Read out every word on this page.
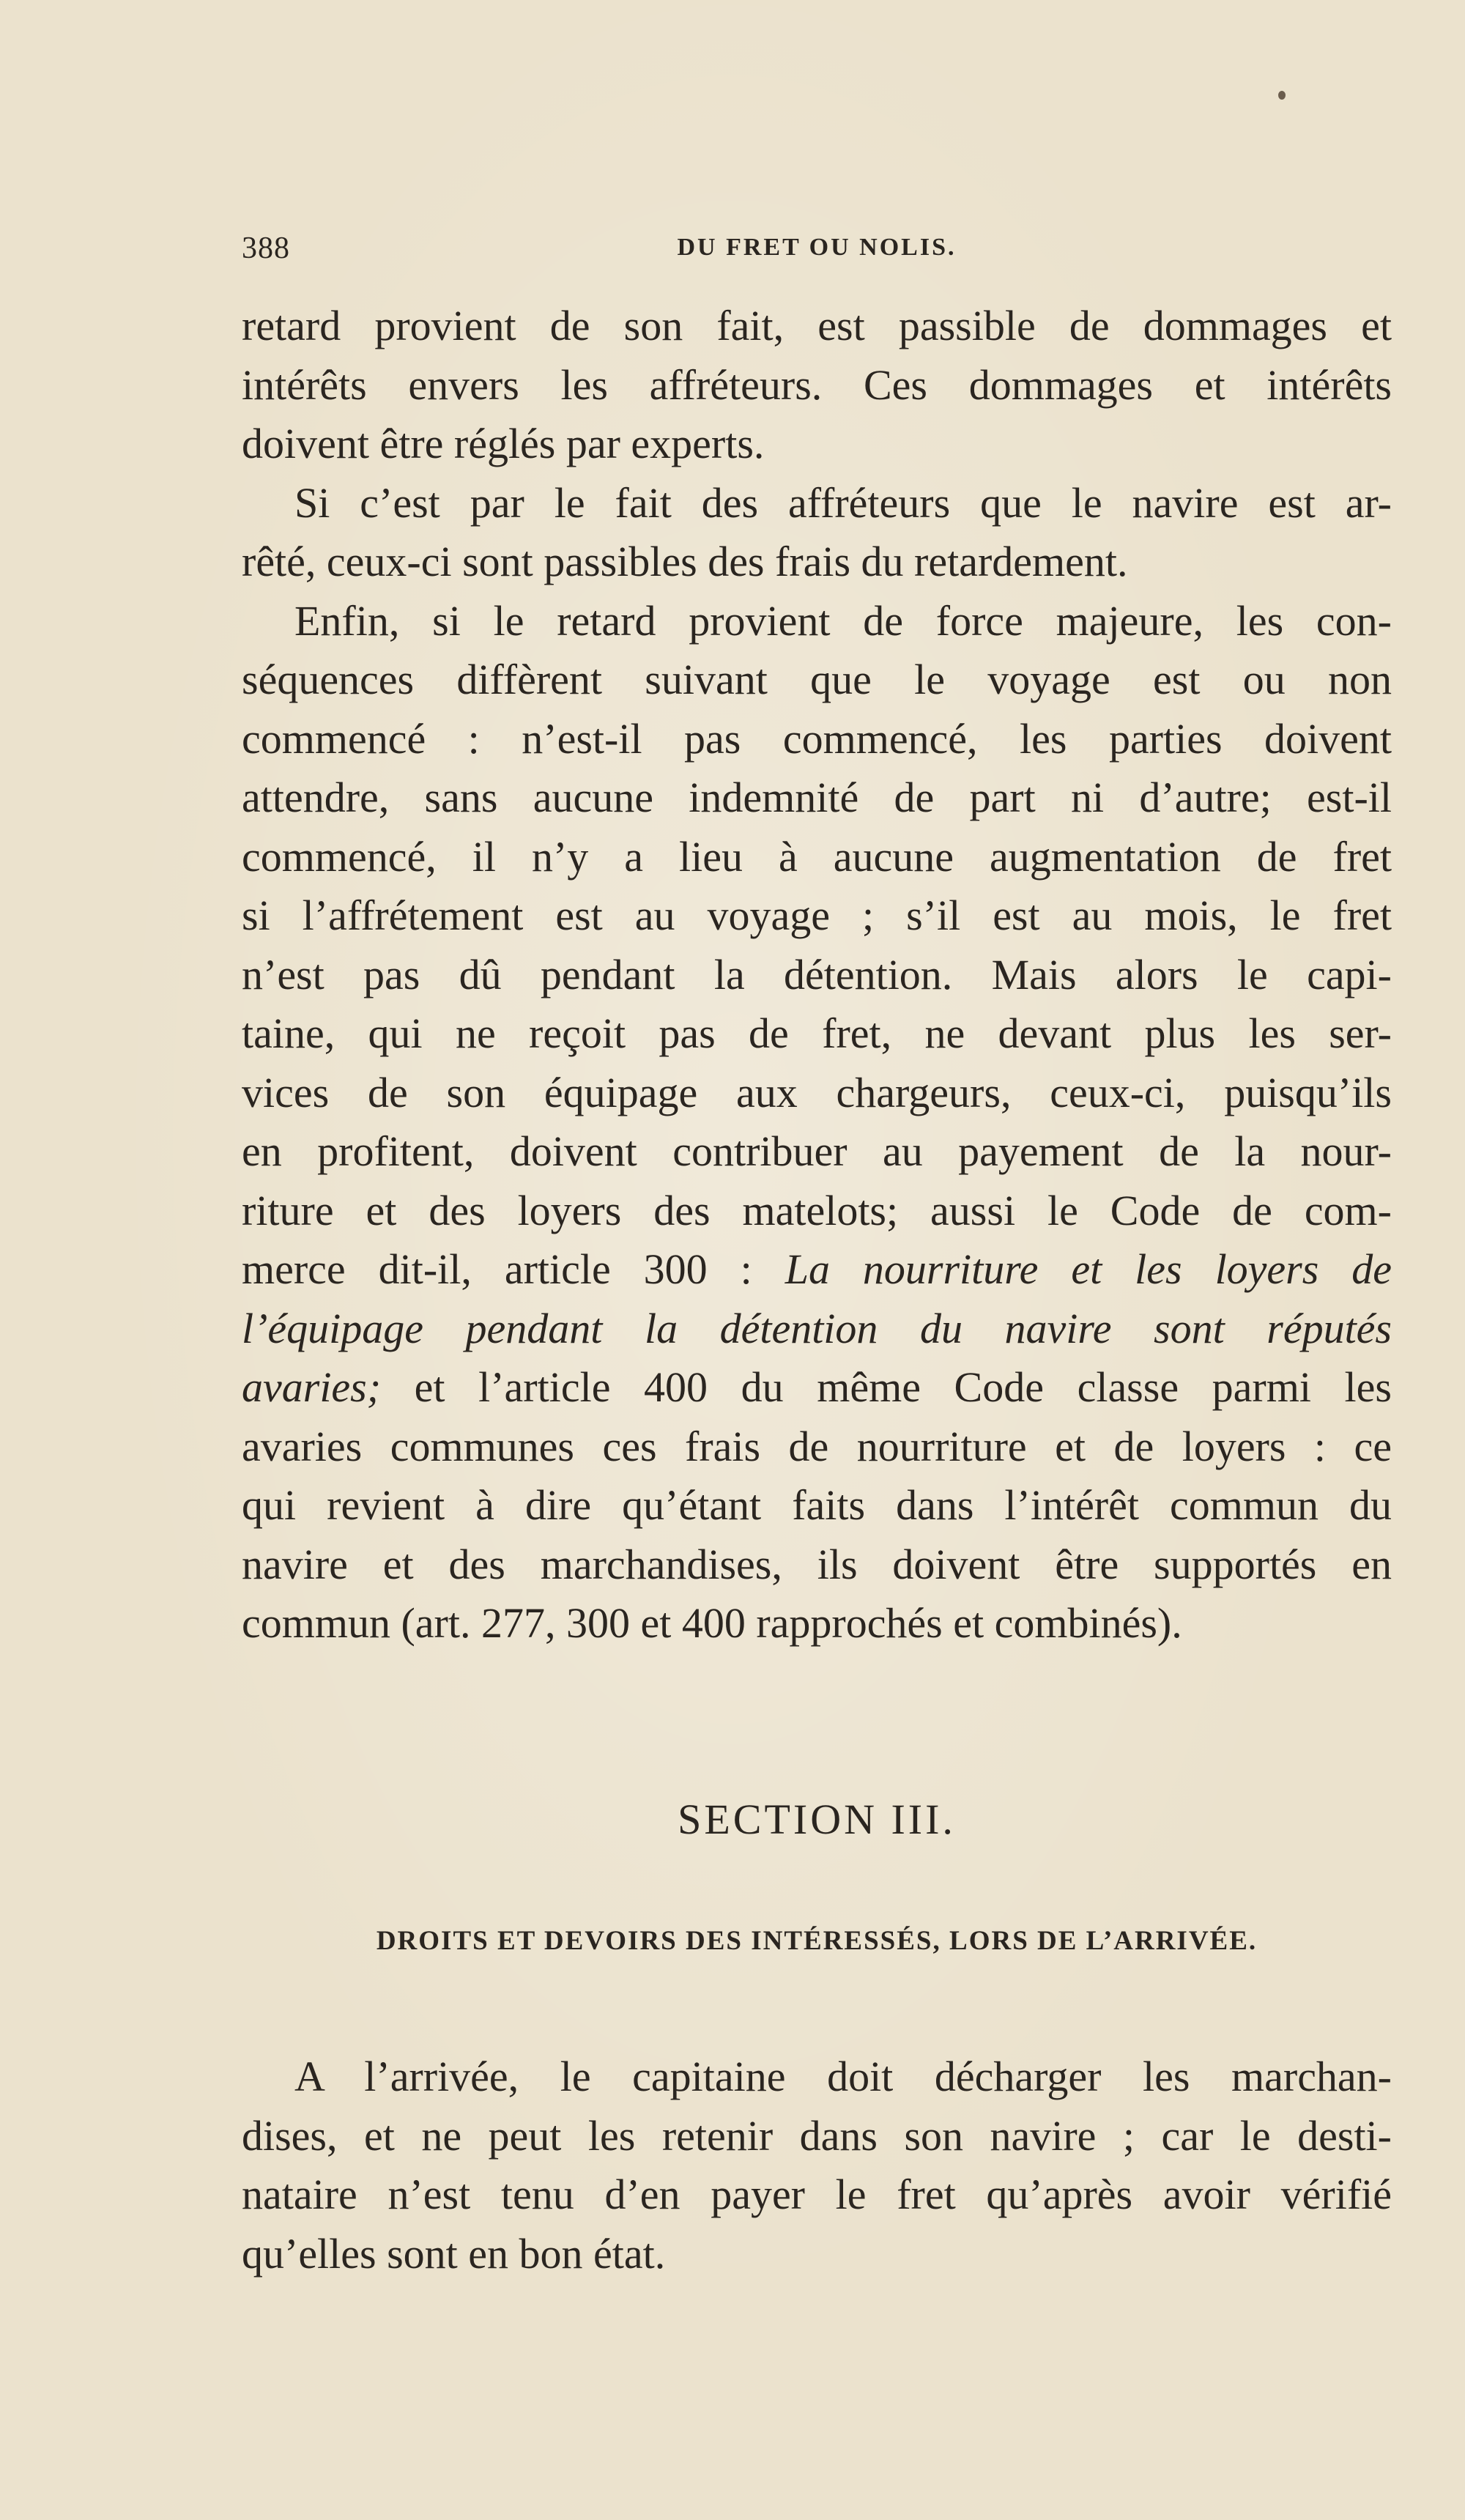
388	DU FRET OU NOLIS.
retard provient de son fait, est passible de dommages et
intérêts envers les affréteurs. Ces dommages et intérêts
doivent être réglés par experts.
Si c’est par le fait des affréteurs que le navire est ar-
rêté, ceux-ci sont passibles des frais du retardement.
Enfin, si le retard provient de force majeure, les con-
séquences diffèrent suivant que le voyage est ou non
commencé : n’est-il pas commencé, les parties doivent
attendre, sans aucune indemnité de part ni d’autre; est-il
commencé, il n’y a lieu à aucune augmentation de fret
si l’affrétement est au voyage ; s’il est au mois, le fret
n’est pas dû pendant la détention. Mais alors le capi-
taine, qui ne reçoit pas de fret, ne devant plus les ser-
vices de son équipage aux chargeurs, ceux-ci, puisqu’ils
en profitent, doivent contribuer au payement de la nour-
riture et des loyers des matelots; aussi le Code de com-
merce dit-il, article 300 : La nourriture et les loyers de
l’équipage pendant la détention du navire sont réputés
avaries; et l’article 400 du même Code classe parmi les
avaries communes ces frais de nourriture et de loyers : ce
qui revient à dire qu’étant faits dans l’intérêt commun du
navire et des marchandises, ils doivent être supportés en
commun (art. 277, 300 et 400 rapprochés et combinés).
SECTION III.
DROITS ET DEVOIRS DES INTÉRESSÉS, LORS DE L’ARRIVÉE.
A l’arrivée, le capitaine doit décharger les marchan-
dises, et ne peut les retenir dans son navire ; car le desti-
nataire n’est tenu d’en payer le fret qu’après avoir vérifié
qu’elles sont en bon état.
